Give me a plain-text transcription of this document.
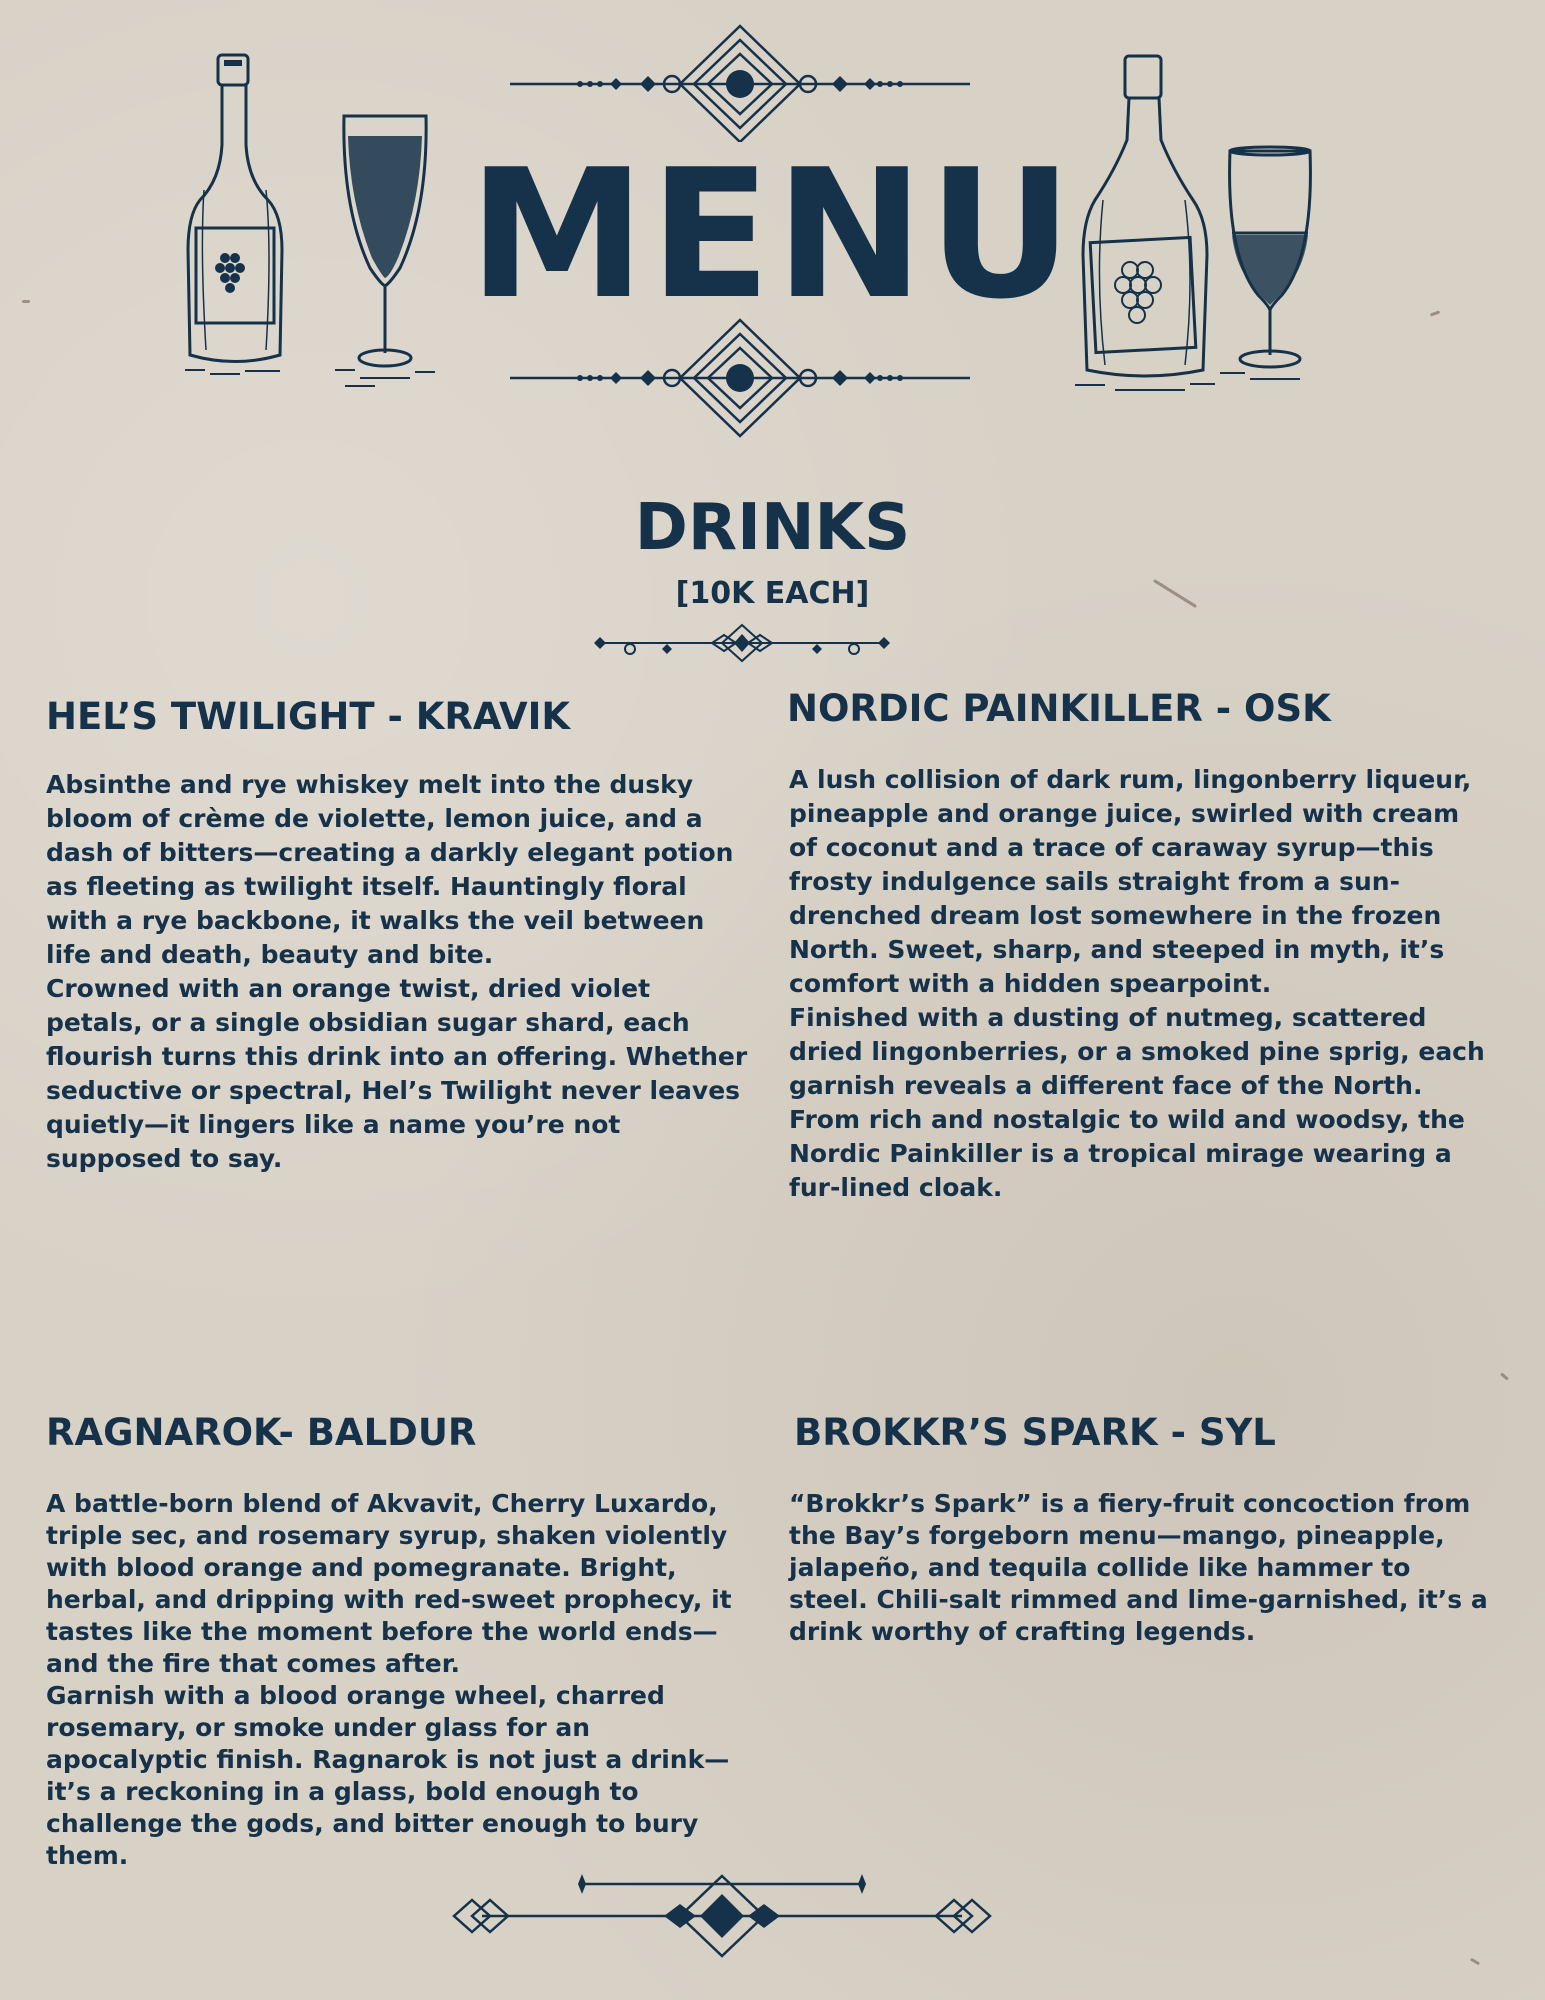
MENU
DRINKS
[10K EACH]
HEL’S TWILIGHT - KRAVIK

Absinthe and rye whiskey melt into the dusky bloom of crème de violette, lemon juice, and a dash of bitters—creating a darkly elegant potion as fleeting as twilight itself. Hauntingly floral with a rye backbone, it walks the veil between life and death, beauty and bite.

Crowned with an orange twist, dried violet petals, or a single obsidian sugar shard, each flourish turns this drink into an offering. Whether seductive or spectral, Hel’s Twilight never leaves quietly—it lingers like a name you’re not supposed to say.

NORDIC PAINKILLER - OSK

A lush collision of dark rum, lingonberry liqueur, pineapple and orange juice, swirled with cream of coconut and a trace of caraway syrup—this frosty indulgence sails straight from a sun-drenched dream lost somewhere in the frozen North. Sweet, sharp, and steeped in myth, it’s comfort with a hidden spearpoint.

Finished with a dusting of nutmeg, scattered dried lingonberries, or a smoked pine sprig, each garnish reveals a different face of the North. From rich and nostalgic to wild and woodsy, the Nordic Painkiller is a tropical mirage wearing a fur-lined cloak.

RAGNAROK- BALDUR

A battle-born blend of Akvavit, Cherry Luxardo, triple sec, and rosemary syrup, shaken violently with blood orange and pomegranate. Bright, herbal, and dripping with red-sweet prophecy, it tastes like the moment before the world ends—and the fire that comes after.

Garnish with a blood orange wheel, charred rosemary, or smoke under glass for an apocalyptic finish. Ragnarok is not just a drink—it’s a reckoning in a glass, bold enough to challenge the gods, and bitter enough to bury them.

BROKKR’S SPARK - SYL

“Brokkr’s Spark” is a fiery-fruit concoction from the Bay’s forgeborn menu—mango, pineapple, jalapeño, and tequila collide like hammer to steel. Chili-salt rimmed and lime-garnished, it’s a drink worthy of crafting legends.
